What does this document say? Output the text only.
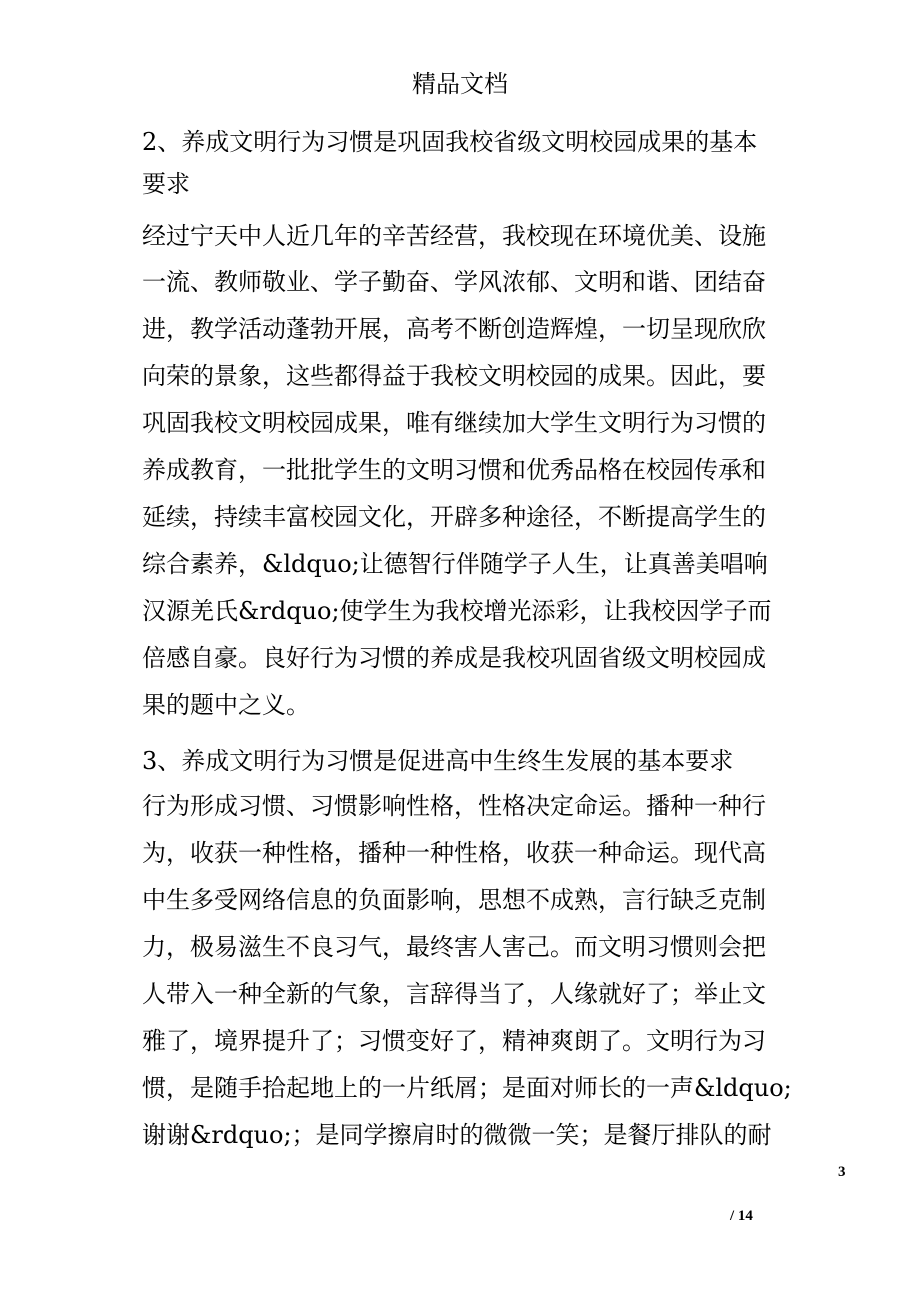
精品文档
2、养成文明行为习惯是巩固我校省级文明校园成果的基本
要求
经过宁天中人近几年的辛苦经营，我校现在环境优美、设施
一流、教师敬业、学子勤奋、学风浓郁、文明和谐、团结奋
进，教学活动蓬勃开展，高考不断创造辉煌，一切呈现欣欣
向荣的景象，这些都得益于我校文明校园的成果。因此，要
巩固我校文明校园成果，唯有继续加大学生文明行为习惯的
养成教育，一批批学生的文明习惯和优秀品格在校园传承和
延续，持续丰富校园文化，开辟多种途径，不断提高学生的
综合素养，&ldquo;让德智行伴随学子人生，让真善美唱响
汉源羌氏&rdquo;使学生为我校增光添彩，让我校因学子而
倍感自豪。良好行为习惯的养成是我校巩固省级文明校园成
果的题中之义。
3、养成文明行为习惯是促进高中生终生发展的基本要求
行为形成习惯、习惯影响性格，性格决定命运。播种一种行
为，收获一种性格，播种一种性格，收获一种命运。现代高
中生多受网络信息的负面影响，思想不成熟，言行缺乏克制
力，极易滋生不良习气，最终害人害己。而文明习惯则会把
人带入一种全新的气象，言辞得当了，人缘就好了；举止文
雅了，境界提升了；习惯变好了，精神爽朗了。文明行为习
惯，是随手拾起地上的一片纸屑；是面对师长的一声&ldquo;
谢谢&rdquo;；是同学擦肩时的微微一笑；是餐厅排队的耐
3
/ 14
